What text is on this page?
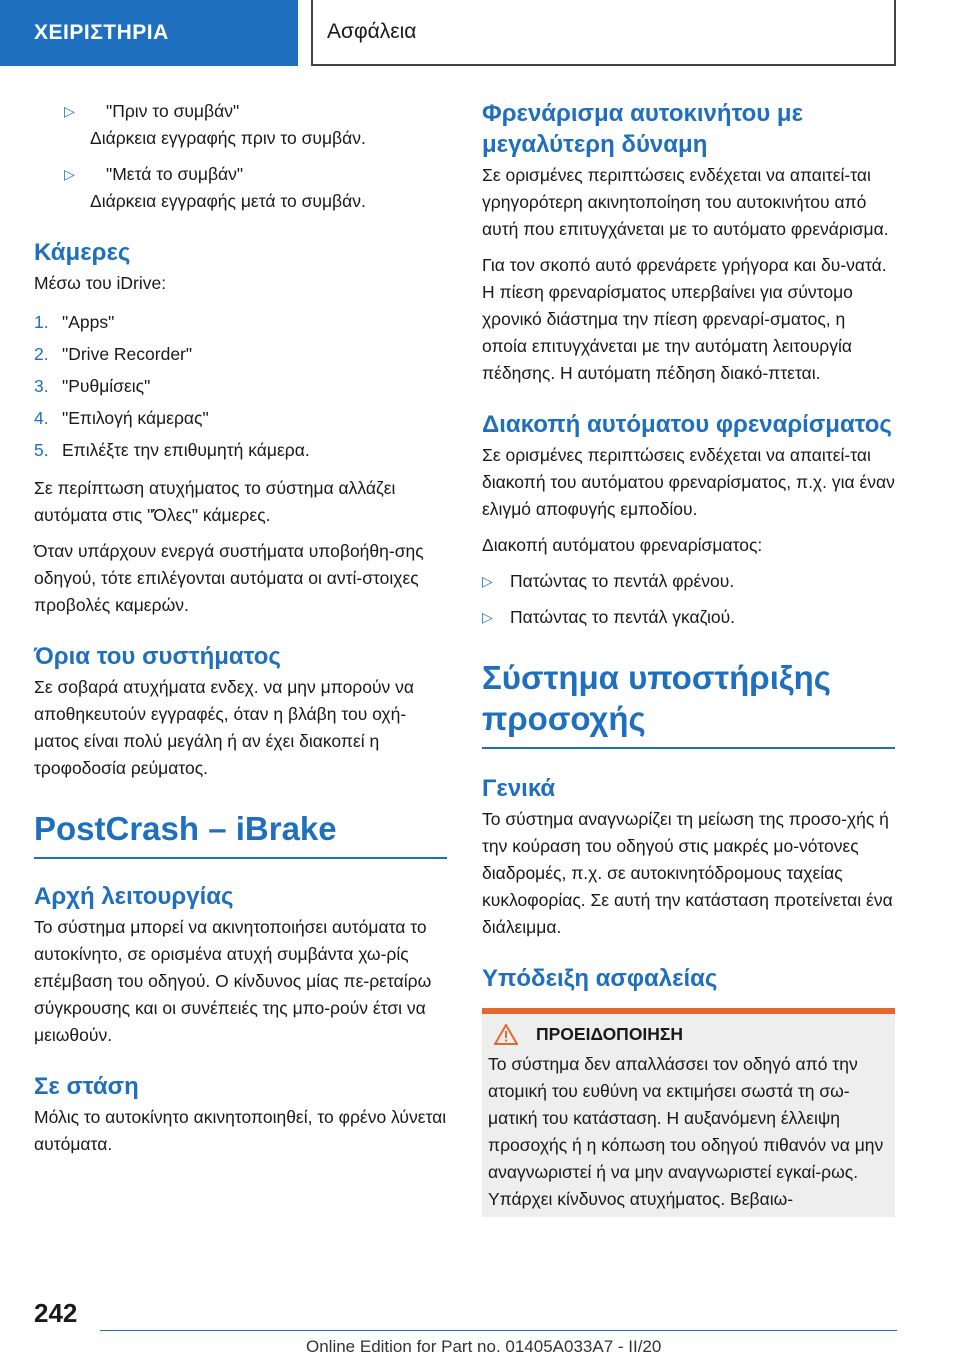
ΧΕΙΡΙΣΤΗΡΙΑ	Ασφάλεια
▷	"Πριν το συμβάν"
Διάρκεια εγγραφής πριν το συμβάν.
▷	"Μετά το συμβάν"
Διάρκεια εγγραφής μετά το συμβάν.
Κάμερες

Μέσω του iDrive:

1. "Apps"
2. "Drive Recorder"
3. "Ρυθμίσεις"
4. "Επιλογή κάμερας"
5. Επιλέξτε την επιθυμητή κάμερα.

Σε περίπτωση ατυχήματος το σύστημα αλλάζει αυτόματα στις "Όλες" κάμερες.

Όταν υπάρχουν ενεργά συστήματα υποβοήθη-σης οδηγού, τότε επιλέγονται αυτόματα οι αντί-στοιχες προβολές καμερών.

Όρια του συστήματος

Σε σοβαρά ατυχήματα ενδεχ. να μην μπορούν να αποθηκευτούν εγγραφές, όταν η βλάβη του οχή-ματος είναι πολύ μεγάλη ή αν έχει διακοπεί η τροφοδοσία ρεύματος.

PostCrash – iBrake
Αρχή λειτουργίας

Το σύστημα μπορεί να ακινητοποιήσει αυτόματα το αυτοκίνητο, σε ορισμένα ατυχή συμβάντα χω-ρίς επέμβαση του οδηγού. Ο κίνδυνος μίας πε-ρεταίρω σύγκρουσης και οι συνέπειές της μπο-ρούν έτσι να μειωθούν.

Σε στάση

Μόλις το αυτοκίνητο ακινητοποιηθεί, το φρένο λύνεται αυτόματα.

Φρενάρισμα αυτοκινήτου με μεγαλύτερη δύναμη

Σε ορισμένες περιπτώσεις ενδέχεται να απαιτεί-ται γρηγορότερη ακινητοποίηση του αυτοκινήτου από αυτή που επιτυγχάνεται με το αυτόματο φρενάρισμα.

Για τον σκοπό αυτό φρενάρετε γρήγορα και δυ-νατά. Η πίεση φρεναρίσματος υπερβαίνει για σύντομο χρονικό διάστημα την πίεση φρεναρί-σματος, η οποία επιτυγχάνεται με την αυτόματη λειτουργία πέδησης. Η αυτόματη πέδηση διακό-πτεται.

Διακοπή αυτόματου φρεναρίσματος

Σε ορισμένες περιπτώσεις ενδέχεται να απαιτεί-ται διακοπή του αυτόματου φρεναρίσματος, π.χ. για έναν ελιγμό αποφυγής εμποδίου.

Διακοπή αυτόματου φρεναρίσματος:

▷ Πατώντας το πεντάλ φρένου.
▷ Πατώντας το πεντάλ γκαζιού.
Σύστημα υποστήριξης προσοχής
Γενικά

Το σύστημα αναγνωρίζει τη μείωση της προσο-χής ή την κούραση του οδηγού στις μακρές μο-νότονες διαδρομές, π.χ. σε αυτοκινητόδρομους ταχείας κυκλοφορίας. Σε αυτή την κατάσταση προτείνεται ένα διάλειμμα.

Υπόδειξη ασφαλείας
ΠΡΟΕΙΔΟΠΟΙΗΣΗ

Το σύστημα δεν απαλλάσσει τον οδηγό από την ατομική του ευθύνη να εκτιμήσει σωστά τη σω-ματική του κατάσταση. Η αυξανόμενη έλλειψη προσοχής ή η κόπωση του οδηγού πιθανόν να μην αναγνωριστεί ή να μην αναγνωριστεί εγκαί-ρως. Υπάρχει κίνδυνος ατυχήματος. Βεβαιω-

242
Online Edition for Part no. 01405A033A7 - II/20
